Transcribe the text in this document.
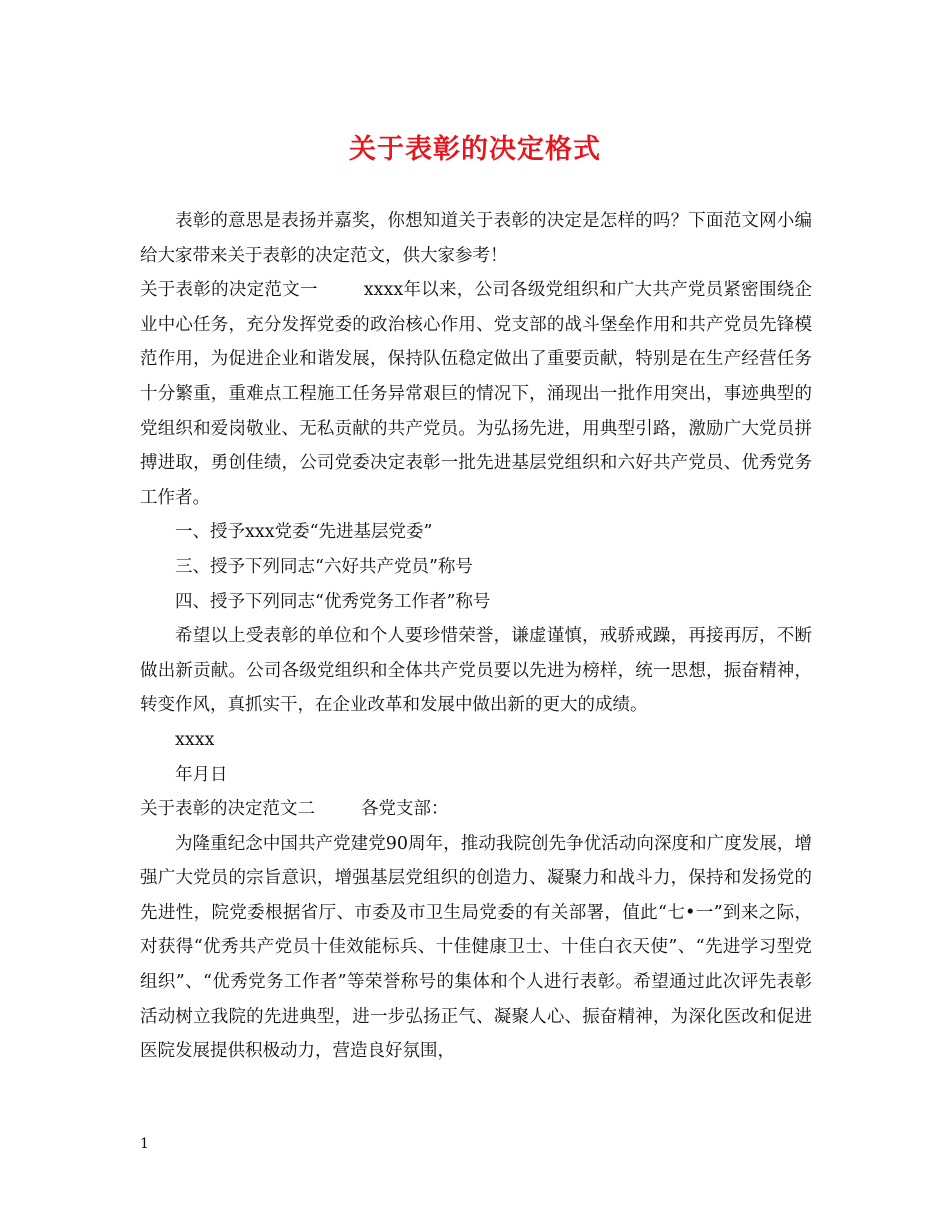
关于表彰的决定格式

表彰的意思是表扬并嘉奖，你想知道关于表彰的决定是怎样的吗？下面范文网小编给大家带来关于表彰的决定范文，供大家参考！

关于表彰的决定范文一	xxxx年以来，公司各级党组织和广大共产党员紧密围绕企业中心任务，充分发挥党委的政治核心作用、党支部的战斗堡垒作用和共产党员先锋模范作用，为促进企业和谐发展，保持队伍稳定做出了重要贡献，特别是在生产经营任务十分繁重，重难点工程施工任务异常艰巨的情况下，涌现出一批作用突出，事迹典型的党组织和爱岗敬业、无私贡献的共产党员。为弘扬先进，用典型引路，激励广大党员拼搏进取，勇创佳绩，公司党委决定表彰一批先进基层党组织和六好共产党员、优秀党务工作者。

一、授予xxx党委“先进基层党委”

三、授予下列同志“六好共产党员”称号

四、授予下列同志“优秀党务工作者”称号

希望以上受表彰的单位和个人要珍惜荣誉，谦虚谨慎，戒骄戒躁，再接再厉，不断做出新贡献。公司各级党组织和全体共产党员要以先进为榜样，统一思想，振奋精神，转变作风，真抓实干，在企业改革和发展中做出新的更大的成绩。

xxxx

年月日

关于表彰的决定范文二	各党支部：

为隆重纪念中国共产党建党90周年，推动我院创先争优活动向深度和广度发展，增强广大党员的宗旨意识，增强基层党组织的创造力、凝聚力和战斗力，保持和发扬党的先进性，院党委根据省厅、市委及市卫生局党委的有关部署，值此“七•一”到来之际，对获得“优秀共产党员十佳效能标兵、十佳健康卫士、十佳白衣天使”、“先进学习型党组织”、“优秀党务工作者”等荣誉称号的集体和个人进行表彰。希望通过此次评先表彰活动树立我院的先进典型，进一步弘扬正气、凝聚人心、振奋精神，为深化医改和促进医院发展提供积极动力，营造良好氛围，

1
